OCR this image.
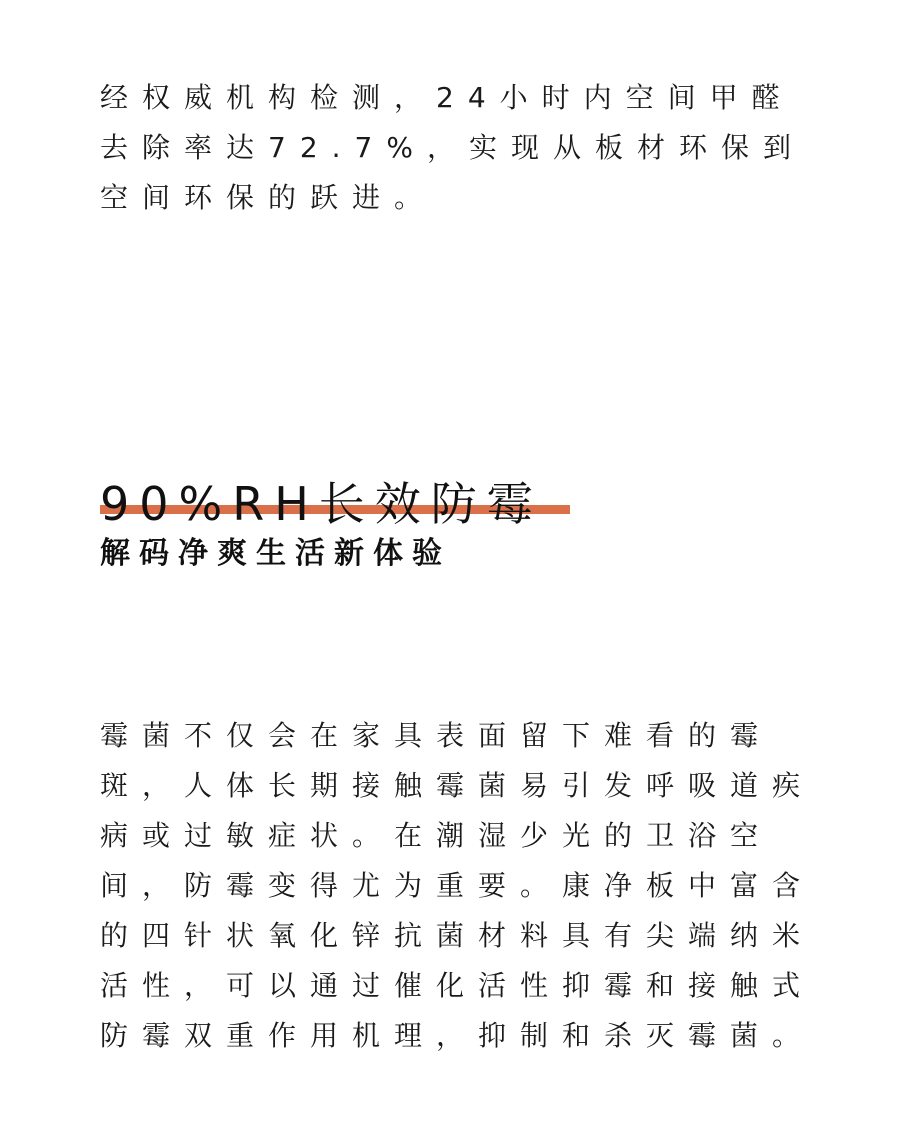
经权威机构检测，24小时内空间甲醛去除率达72.7%，实现从板材环保到空间环保的跃进。

90%RH长效防霉
解码净爽生活新体验

霉菌不仅会在家具表面留下难看的霉斑，人体长期接触霉菌易引发呼吸道疾病或过敏症状。在潮湿少光的卫浴空间，防霉变得尤为重要。康净板中富含的四针状氧化锌抗菌材料具有尖端纳米活性，可以通过催化活性抑霉和接触式防霉双重作用机理，抑制和杀灭霉菌。
